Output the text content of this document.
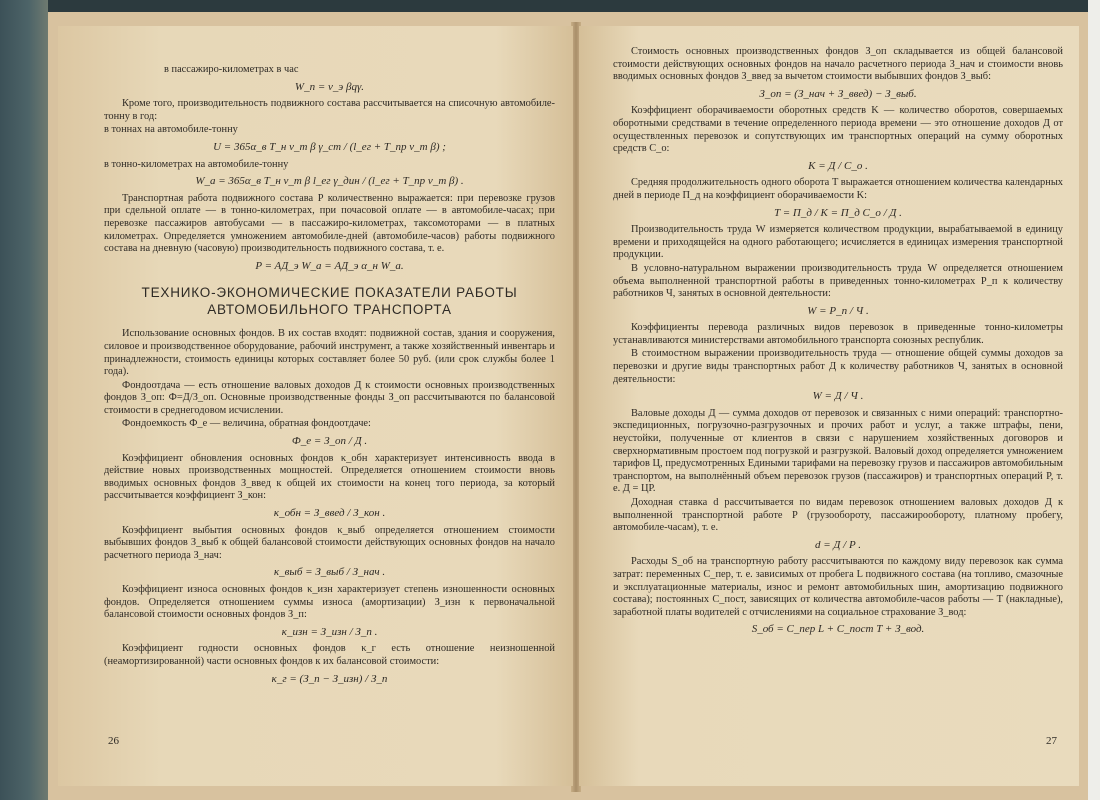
в пассажиро-километрах в час

W_п = v_э βqγ.

Кроме того, производительность подвижного состава рассчитывается на списочную автомобиле-тонну в год:

в тоннах на автомобиле-тонну

U = 365α_в T_н v_т β γ_ст / (l_ег + T_пр v_т β) ;

в тонно-километрах на автомобиле-тонну

W_а = 365α_в T_н v_т β l_ег γ_дин / (l_ег + T_пр v_т β) .

Транспортная работа подвижного состава P количественно выражается: при перевозке грузов при сдельной оплате — в тонно-километрах, при почасовой оплате — в автомобиле-часах; при перевозке пассажиров автобусами — в пассажиро-километрах, таксомоторами — в платных километрах. Определяется умножением автомобиле-дней (автомобиле-часов) работы подвижного состава на дневную (часовую) производительность подвижного состава, т. е.

P = AД_э W_а = AД_э α_н W_а.
ТЕХНИКО-ЭКОНОМИЧЕСКИЕ ПОКАЗАТЕЛИ РАБОТЫ
АВТОМОБИЛЬНОГО ТРАНСПОРТА

Использование основных фондов. В их состав входят: подвижной состав, здания и сооружения, силовое и производственное оборудование, рабочий инструмент, а также хозяйственный инвентарь и принадлежности, стоимость единицы которых составляет более 50 руб. (или срок службы более 1 года).

Фондоотдача — есть отношение валовых доходов Д к стоимости основных производственных фондов З_оп: Ф=Д/З_оп. Основные производственные фонды З_оп рассчитываются по балансовой стоимости в среднегодовом исчислении.

Фондоемкость Ф_е — величина, обратная фондоотдаче:

Ф_е = З_оп / Д .

Коэффициент обновления основных фондов κ_обн характеризует интенсивность ввода в действие новых производственных мощностей. Определяется отношением стоимости вновь вводимых основных фондов З_введ к общей их стоимости на конец того периода, за который рассчитывается коэффициент З_кон:

κ_обн = З_введ / З_кон .

Коэффициент выбытия основных фондов κ_выб определяется отношением стоимости выбывших фондов З_выб к общей балансовой стоимости действующих основных фондов на начало расчетного периода З_нач:

κ_выб = З_выб / З_нач .

Коэффициент износа основных фондов κ_изн характеризует степень изношенности основных фондов. Определяется отношением суммы износа (амортизации) З_изн к первоначальной балансовой стоимости основных фондов З_п:

κ_изн = З_изн / З_п .

Коэффициент годности основных фондов κ_г есть отношение неизношенной (неамортизированной) части основных фондов к их балансовой стоимости:

κ_г = (З_п − З_изн) / З_п
26

Стоимость основных производственных фондов З_оп складывается из общей балансовой стоимости действующих основных фондов на начало расчетного периода З_нач и стоимости вновь вводимых основных фондов З_введ за вычетом стоимости выбывших фондов З_выб:

З_оп = (З_нач + З_введ) − З_выб.

Коэффициент оборачиваемости оборотных средств K — количество оборотов, совершаемых оборотными средствами в течение определенного периода времени — это отношение доходов Д от осуществленных перевозок и сопутствующих им транспортных операций на сумму оборотных средств С_о:

K = Д / С_о .

Средняя продолжительность одного оборота T выражается отношением количества календарных дней в периоде П_д на коэффициент оборачиваемости K:

T = П_д / K = П_д С_о / Д .

Производительность труда W измеряется количеством продукции, вырабатываемой в единицу времени и приходящейся на одного работающего; исчисляется в единицах измерения транспортной продукции.

В условно-натуральном выражении производительность труда W определяется отношением объема выполненной транспортной работы в приведенных тонно-километрах P_п к количеству работников Ч, занятых в основной деятельности:

W = P_п / Ч .

Коэффициенты перевода различных видов перевозок в приведенные тонно-километры устанавливаются министерствами автомобильного транспорта союзных республик.

В стоимостном выражении производительность труда — отношение общей суммы доходов за перевозки и другие виды транспортных работ Д к количеству работников Ч, занятых в основной деятельности:

W = Д / Ч .

Валовые доходы Д — сумма доходов от перевозок и связанных с ними операций: транспортно-экспедиционных, погрузочно-разгрузочных и прочих работ и услуг, а также штрафы, пени, неустойки, полученные от клиентов в связи с нарушением хозяйственных договоров и сверхнормативным простоем под погрузкой и разгрузкой. Валовый доход определяется умножением тарифов Ц, предусмотренных Едиными тарифами на перевозку грузов и пассажиров автомобильным транспортом, на выполнённый объем перевозок грузов (пассажиров) и транспортных операций P, т. е. Д = ЦР.

Доходная ставка d рассчитывается по видам перевозок отношением валовых доходов Д к выполненной транспортной работе P (грузообороту, пассажирообороту, платному пробегу, автомобиле-часам), т. е.

d = Д / P .

Расходы S_об на транспортную работу рассчитываются по каждому виду перевозок как сумма затрат: переменных C_пер, т. е. зависимых от пробега L подвижного состава (на топливо, смазочные и эксплуатационные материалы, износ и ремонт автомобильных шин, амортизацию подвижного состава); постоянных C_пост, зависящих от количества автомобиле-часов работы — T (накладные), заработной платы водителей с отчислениями на социальное страхование З_вод:

S_об = C_пер L + C_пост T + З_вод.
27
